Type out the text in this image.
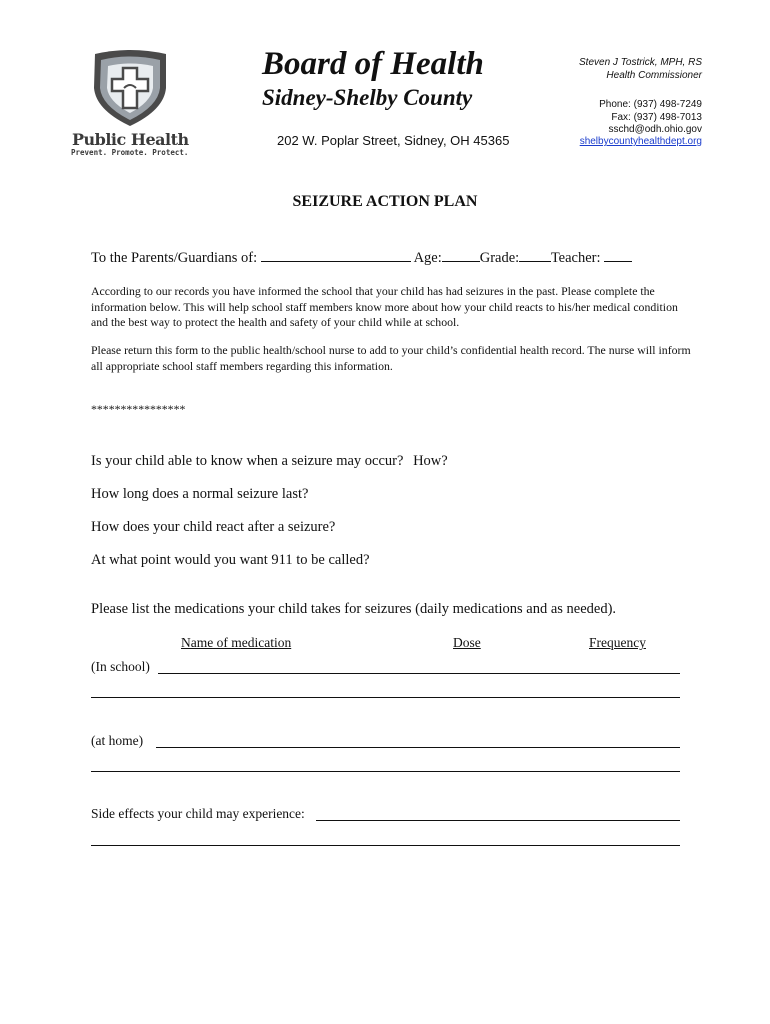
Public Health
Prevent. Promote. Protect.
Board of Health
Sidney-Shelby County
202 W. Poplar Street, Sidney, OH 45365
Steven J Tostrick, MPH, RS
Health Commissioner
Phone: (937) 498-7249
Fax: (937) 498-7013
sschd@odh.ohio.gov
shelbycountyhealthdept.org
SEIZURE ACTION PLAN
To the Parents/Guardians of:	Age:	Grade: Teacher:
According to our records you have informed the school that your child has had seizures in the past. Please complete the information below. This will help school staff members know more about how your child reacts to his/her medical condition and the best way to protect the health and safety of your child while at school.
Please return this form to the public health/school nurse to add to your child’s confidential health record. The nurse will inform all appropriate school staff members regarding this information.
****************
Is your child able to know when a seizure may occur? How?
How long does a normal seizure last?
How does your child react after a seizure?
At what point would you want 911 to be called?
Please list the medications your child takes for seizures (daily medications and as needed).
Name of medication	Dose	Frequency
(In school)
(at home)
Side effects your child may experience:
